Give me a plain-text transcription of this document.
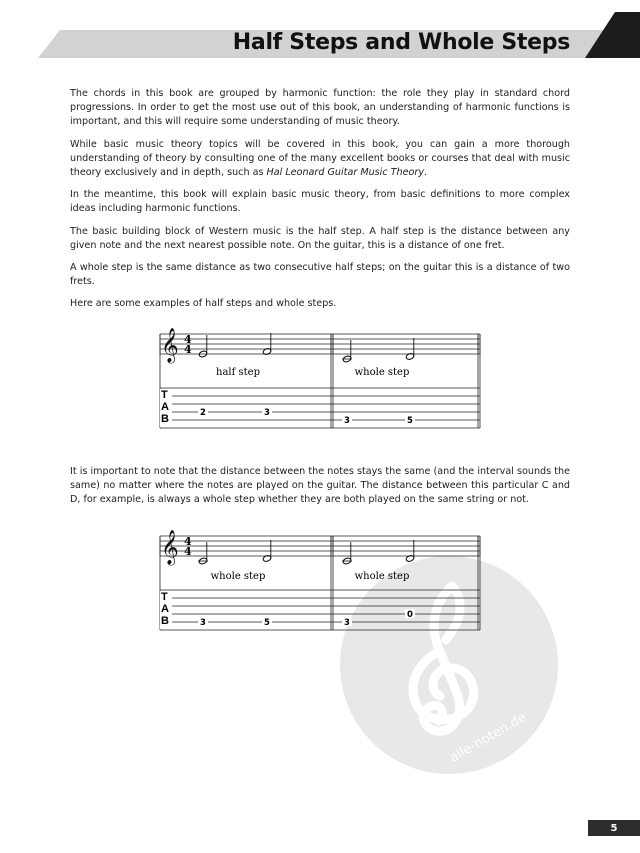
Half Steps and Whole Steps
alle-noten.de

The chords in this book are grouped by harmonic function: the role they play in standard chord progressions. In order to get the most use out of this book, an understanding of harmonic functions is important, and this will require some understanding of music theory.

While basic music theory topics will be covered in this book, you can gain a more thorough understanding of theory by consulting one of the many excellent books or courses that deal with music theory exclusively and in depth, such as Hal Leonard Guitar Music Theory.

In the meantime, this book will explain basic music theory, from basic definitions to more complex ideas including harmonic functions.

The basic building block of Western music is the half step. A half step is the distance between any given note and the next nearest possible note. On the guitar, this is a distance of one fret.

A whole step is the same distance as two consecutive half steps; on the guitar this is a distance of two frets.

Here are some examples of half steps and whole steps.

𝄞 4
4
half step	whole step
T
A
B	2	3
3	5

It is important to note that the distance between the notes stays the same (and the interval sounds the same) no matter where the notes are played on the guitar. The distance between this particular C and D, for example, is always a whole step whether they are both played on the same string or not.

𝄞 4
4
whole step	whole step
T
A
B	3	5	3
0
5
